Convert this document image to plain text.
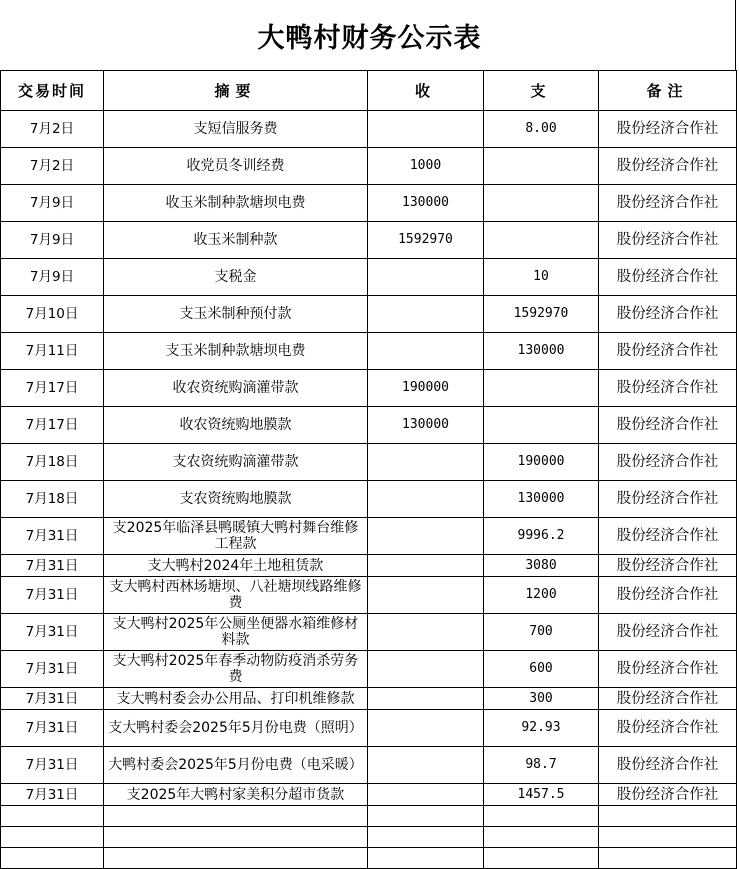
大鸭村财务公示表
交易时间	摘要	收	支	备注
7月2日	支短信服务费		8.00	股份经济合作社
7月2日	收党员冬训经费	1000		股份经济合作社
7月9日	收玉米制种款塘坝电费	130000		股份经济合作社
7月9日	收玉米制种款	1592970		股份经济合作社
7月9日	支税金		10	股份经济合作社
7月10日	支玉米制种预付款		1592970	股份经济合作社
7月11日	支玉米制种款塘坝电费		130000	股份经济合作社
7月17日	收农资统购滴灌带款	190000		股份经济合作社
7月17日	收农资统购地膜款	130000		股份经济合作社
7月18日	支农资统购滴灌带款		190000	股份经济合作社
7月18日	支农资统购地膜款		130000	股份经济合作社
7月31日	支2025年临泽县鸭暖镇大鸭村舞台维修工程款		9996.2	股份经济合作社
7月31日	支大鸭村2024年土地租赁款		3080	股份经济合作社
7月31日	支大鸭村西林场塘坝、八社塘坝线路维修费		1200	股份经济合作社
7月31日	支大鸭村2025年公厕坐便器水箱维修材料款		700	股份经济合作社
7月31日	支大鸭村2025年春季动物防疫消杀劳务费		600	股份经济合作社
7月31日	支大鸭村委会办公用品、打印机维修款		300	股份经济合作社
7月31日	支大鸭村委会2025年5月份电费（照明）		92.93	股份经济合作社
7月31日	大鸭村委会2025年5月份电费（电采暖）		98.7	股份经济合作社
7月31日	支2025年大鸭村家美积分超市货款		1457.5	股份经济合作社
